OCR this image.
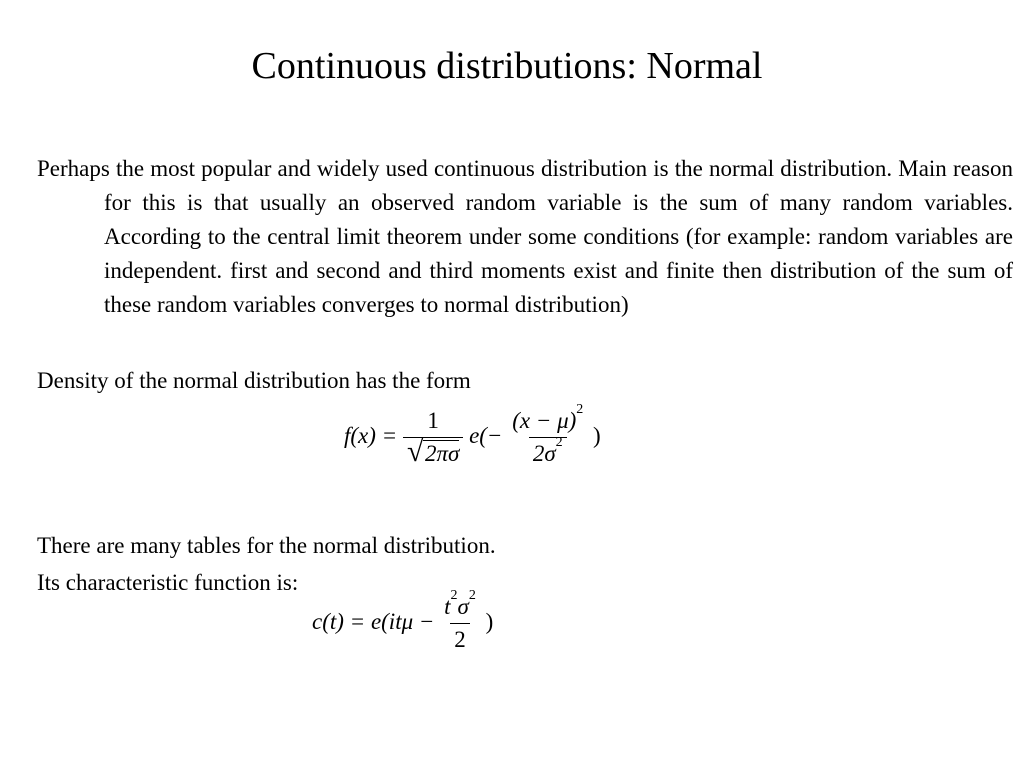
Continuous distributions: Normal
Perhaps the most popular and widely used continuous distribution is the normal distribution. Main reason for this is that usually an observed random variable is the sum of many random variables. According to the central limit theorem under some conditions (for example: random variables are independent. first and second and third moments exist and finite then distribution of the sum of these random variables converges to normal distribution)
Density of the normal distribution has the form
$f(x) = \frac{1}{√ 2\pi\sigma} e(- \frac{(x - \mu)^2}{2\sigma^2}$ )
There are many tables for the normal distribution.
Its characteristic function is:
$c(t) = e(it\mu - \frac{t^2\sigma^2}{2}$ )
